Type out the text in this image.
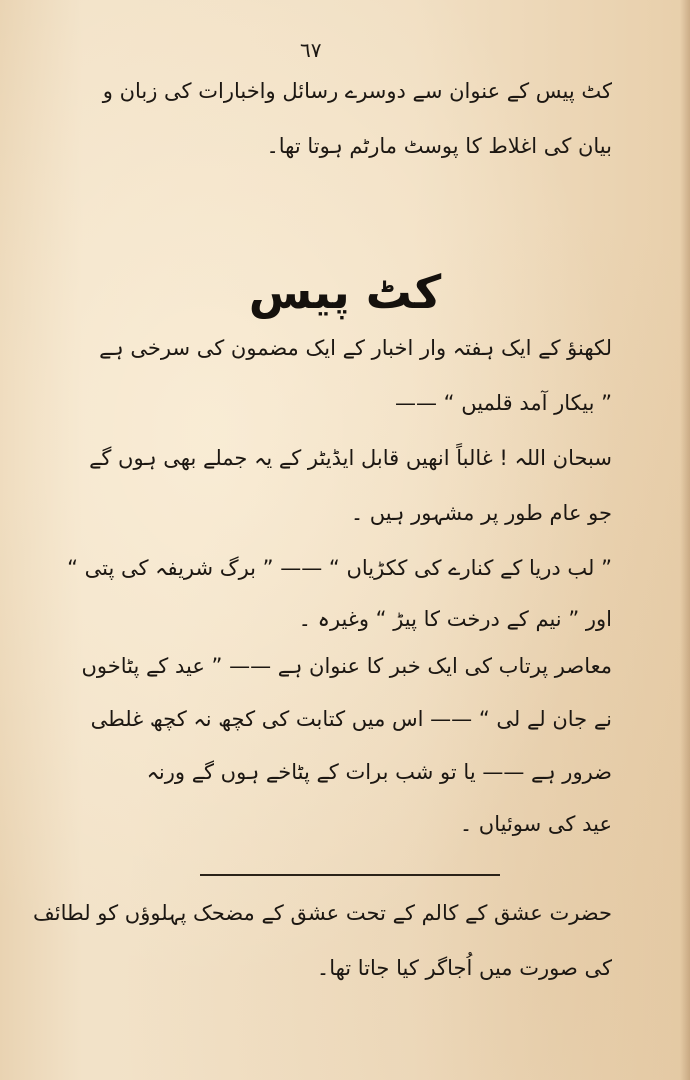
٦٧
کٹ پیس کے عنوان سے دوسرے رسائل واخبارات کی زبان و
بیان کی اغلاط کا پوسٹ مارٹم ہوتا تھا۔
کٹ پیس
لکھنؤ کے ایک ہفتہ وار اخبار کے ایک مضمون کی سرخی ہے
” بیکار آمد قلمیں “ ——
سبحان اللہ ! غالباً انھیں قابل ایڈیٹر کے یہ جملے بھی ہوں گے
جو عام طور پر مشہور ہیں ۔
” لب دریا کے کنارے کی ککڑیاں “ —— ” برگ شریفہ کی پتی “
اور ” نیم کے درخت کا پیڑ “ وغیرہ ۔
معاصر پرتاب کی ایک خبر کا عنوان ہے —— ” عید کے پٹاخوں
نے جان لے لی “ —— اس میں کتابت کی کچھ نہ کچھ غلطی
ضرور ہے —— یا تو شب برات کے پٹاخے ہوں گے ورنہ
عید کی سوئیاں ۔
حضرت عشق کے کالم کے تحت عشق کے مضحک پہلوؤں کو لطائف
کی صورت میں اُجاگر کیا جاتا تھا۔
